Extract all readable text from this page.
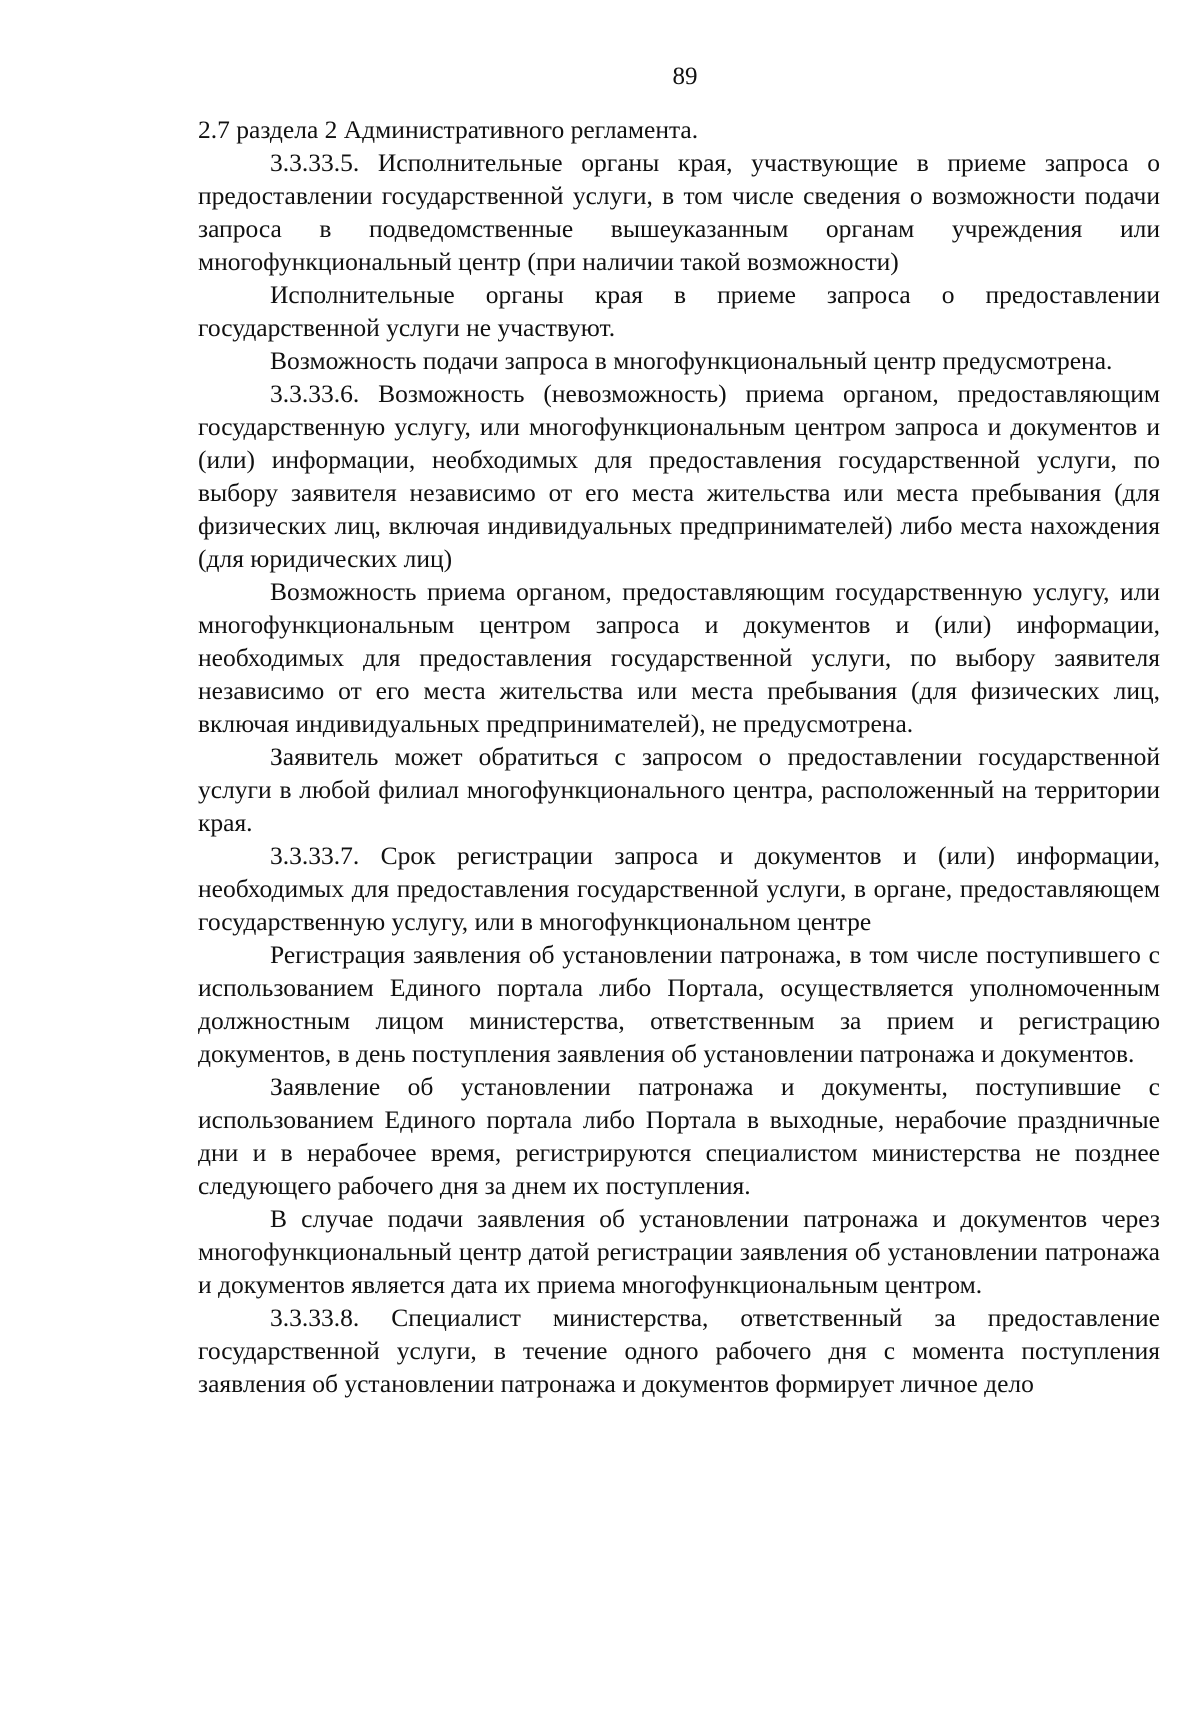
89

2.7 раздела 2 Административного регламента.

3.3.33.5. Исполнительные органы края, участвующие в приеме запроса о предоставлении государственной услуги, в том числе сведения о возможности подачи запроса в подведомственные вышеуказанным органам учреждения или многофункциональный центр (при наличии такой возможности)

Исполнительные органы края в приеме запроса о предоставлении государственной услуги не участвуют.

Возможность подачи запроса в многофункциональный центр предусмотрена.

3.3.33.6. Возможность (невозможность) приема органом, предоставляющим государственную услугу, или многофункциональным центром запроса и документов и (или) информации, необходимых для предоставления государственной услуги, по выбору заявителя независимо от его места жительства или места пребывания (для физических лиц, включая индивидуальных предпринимателей) либо места нахождения (для юридических лиц)

Возможность приема органом, предоставляющим государственную услугу, или многофункциональным центром запроса и документов и (или) информации, необходимых для предоставления государственной услуги, по выбору заявителя независимо от его места жительства или места пребывания (для физических лиц, включая индивидуальных предпринимателей), не предусмотрена.

Заявитель может обратиться с запросом о предоставлении государственной услуги в любой филиал многофункционального центра, расположенный на территории края.

3.3.33.7. Срок регистрации запроса и документов и (или) информации, необходимых для предоставления государственной услуги, в органе, предоставляющем государственную услугу, или в многофункциональном центре

Регистрация заявления об установлении патронажа, в том числе поступившего с использованием Единого портала либо Портала, осуществляется уполномоченным должностным лицом министерства, ответственным за прием и регистрацию документов, в день поступления заявления об установлении патронажа и документов.

Заявление об установлении патронажа и документы, поступившие с использованием Единого портала либо Портала в выходные, нерабочие праздничные дни и в нерабочее время, регистрируются специалистом министерства не позднее следующего рабочего дня за днем их поступления.

В случае подачи заявления об установлении патронажа и документов через многофункциональный центр датой регистрации заявления об установлении патронажа и документов является дата их приема многофункциональным центром.

3.3.33.8. Специалист министерства, ответственный за предоставление государственной услуги, в течение одного рабочего дня с момента поступления заявления об установлении патронажа и документов формирует личное дело
